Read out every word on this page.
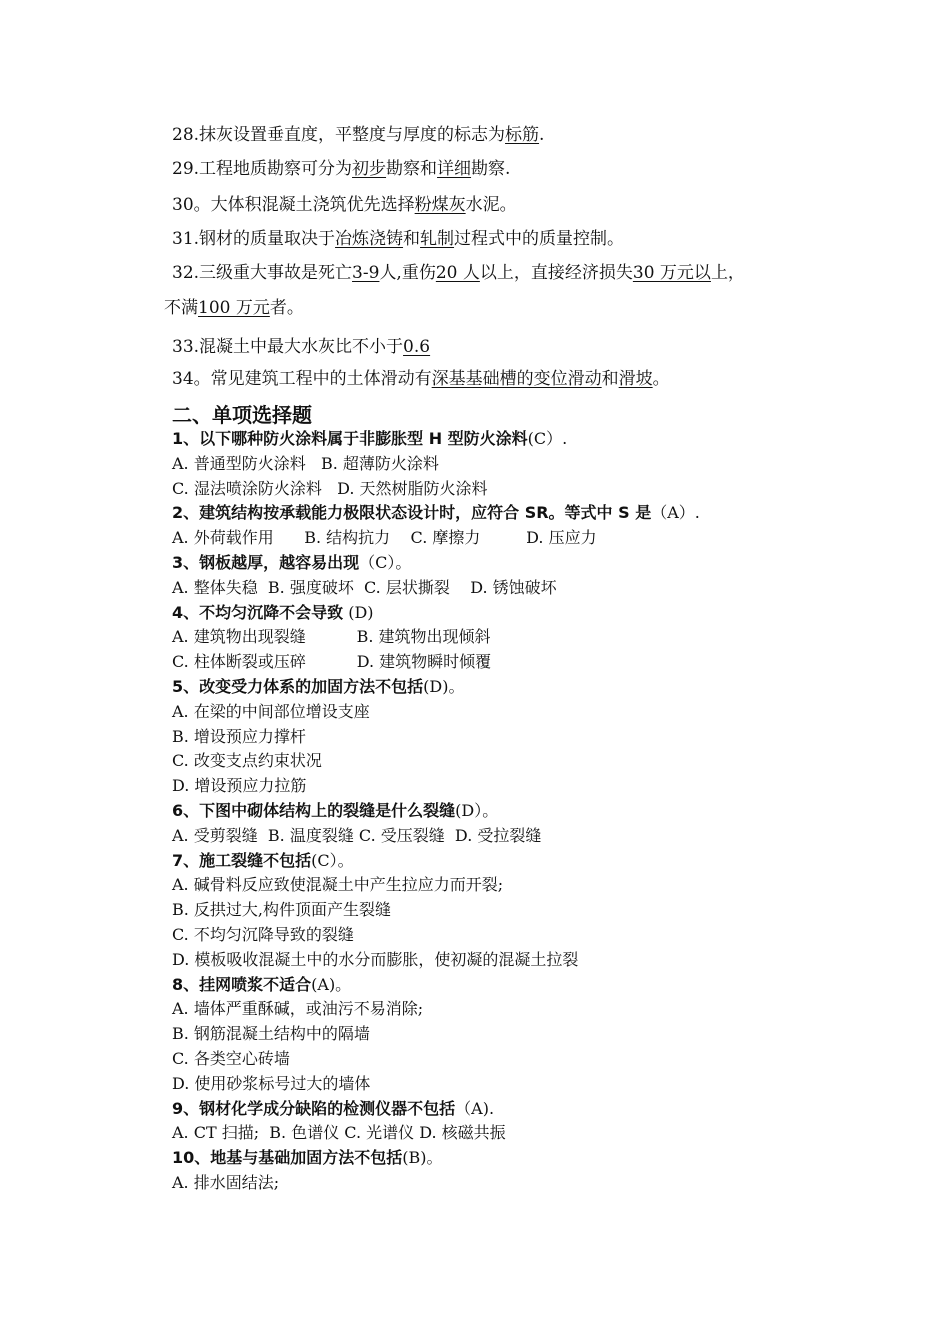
28.抹灰设置垂直度，平整度与厚度的标志为标筋.
29.工程地质勘察可分为初步勘察和详细勘察.
30。大体积混凝土浇筑优先选择粉煤灰水泥。
31.钢材的质量取决于冶炼浇铸和轧制过程式中的质量控制。
32.三级重大事故是死亡3-9人,重伤20 人以上，直接经济损失30 万元以上，
不满100 万元者。
33.混凝土中最大水灰比不小于0.6
34。常见建筑工程中的土体滑动有深基基础槽的变位滑动和滑坡。
二、单项选择题
1、以下哪种防火涂料属于非膨胀型 H 型防火涂料(C）.
A. 普通型防火涂料   B. 超薄防火涂料
C. 湿法喷涂防火涂料   D. 天然树脂防火涂料
2、建筑结构按承载能力极限状态设计时，应符合 SR。等式中 S 是（A）.
A. 外荷载作用      B. 结构抗力    C. 摩擦力         D. 压应力
3、钢板越厚，越容易出现（C）。
A. 整体失稳  B. 强度破坏  C. 层状撕裂    D. 锈蚀破坏
4、不均匀沉降不会导致 (D)
A. 建筑物出现裂缝          B. 建筑物出现倾斜
C. 柱体断裂或压碎          D. 建筑物瞬时倾覆
5、改变受力体系的加固方法不包括(D)。
A. 在梁的中间部位增设支座
B. 增设预应力撑杆
C. 改变支点约束状况
D. 增设预应力拉筋
6、下图中砌体结构上的裂缝是什么裂缝(D）。
A. 受剪裂缝  B. 温度裂缝 C. 受压裂缝  D. 受拉裂缝
7、施工裂缝不包括(C）。
A. 碱骨料反应致使混凝土中产生拉应力而开裂;
B. 反拱过大,构件顶面产生裂缝
C. 不均匀沉降导致的裂缝
D. 模板吸收混凝土中的水分而膨胀，使初凝的混凝土拉裂
8、挂网喷浆不适合(A)。
A. 墙体严重酥碱，或油污不易消除;
B. 钢筋混凝土结构中的隔墙
C. 各类空心砖墙
D. 使用砂浆标号过大的墙体
9、钢材化学成分缺陷的检测仪器不包括（A).
A. CT 扫描;  B. 色谱仪 C. 光谱仪 D. 核磁共振
10、地基与基础加固方法不包括(B)。
A. 排水固结法;
